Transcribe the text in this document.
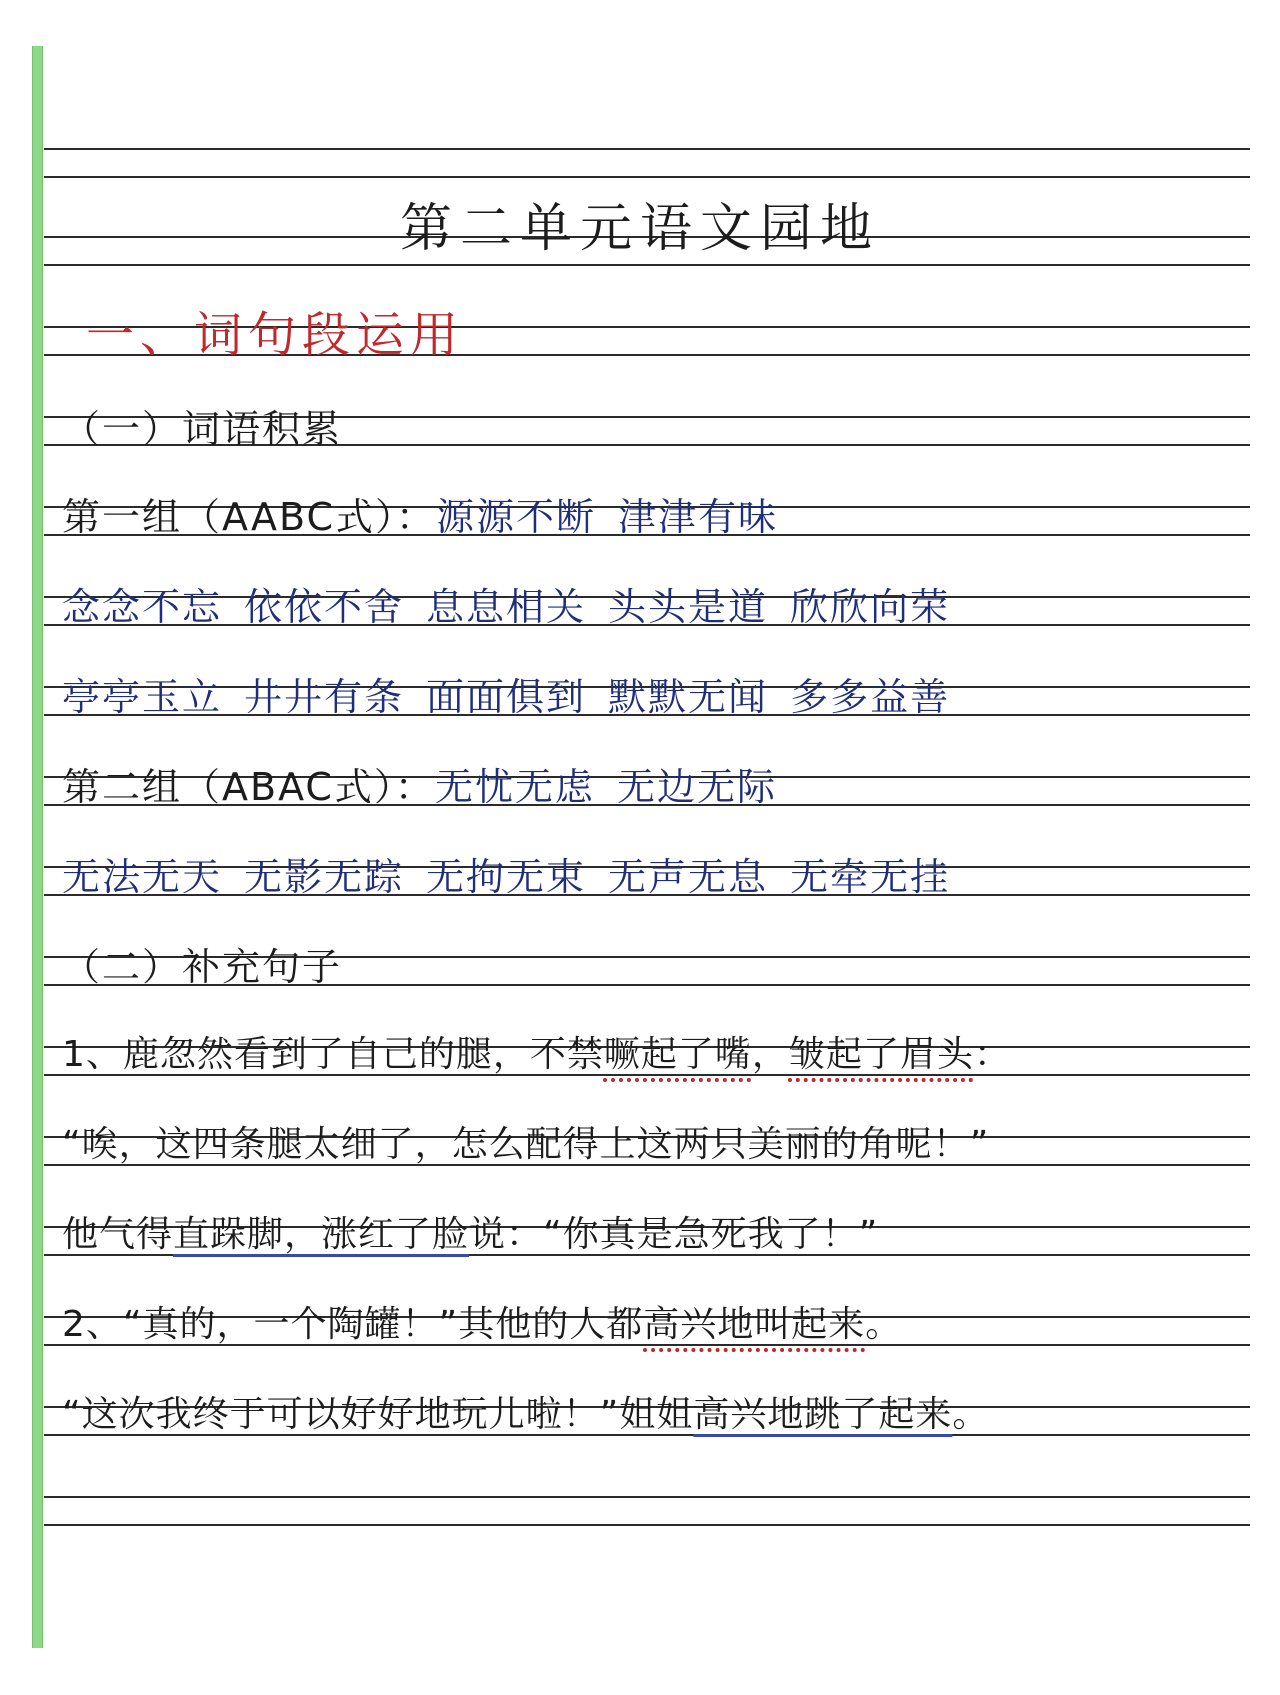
第二单元语文园地
一、词句段运用
（一）词语积累
第一组（AABC式）：源源不断 津津有味
念念不忘 依依不舍 息息相关 头头是道 欣欣向荣
亭亭玉立 井井有条 面面俱到 默默无闻 多多益善
第二组（ABAC式）：无忧无虑 无边无际
无法无天 无影无踪 无拘无束 无声无息 无牵无挂
（二）补充句子
1、鹿忽然看到了自己的腿，不禁噘起了嘴，皱起了眉头：
“唉，这四条腿太细了，怎么配得上这两只美丽的角呢！”
他气得直跺脚，涨红了脸说：“你真是急死我了！”
2、“真的，一个陶罐！”其他的人都高兴地叫起来。
“这次我终于可以好好地玩儿啦！”姐姐高兴地跳了起来。
